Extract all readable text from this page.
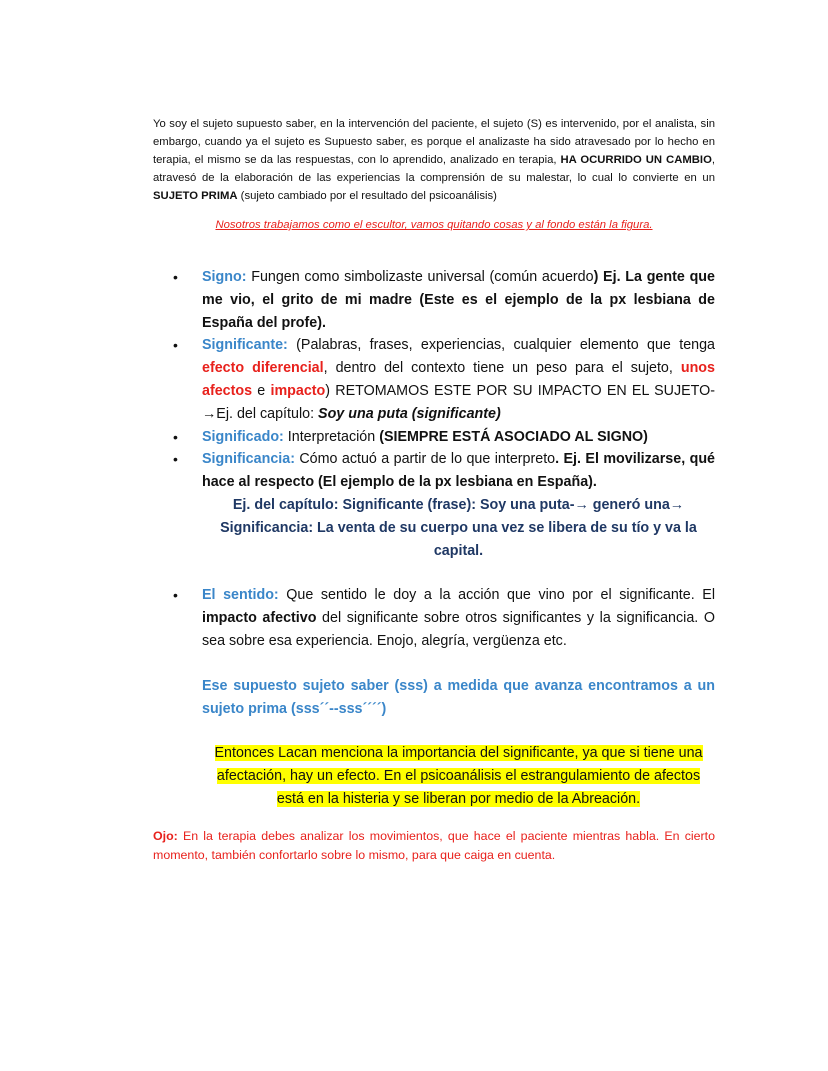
Yo soy el sujeto supuesto saber, en la intervención del paciente, el sujeto (S) es intervenido, por el analista, sin embargo, cuando ya el sujeto es Supuesto saber, es porque el analizaste ha sido atravesado por lo hecho en terapia, el mismo se da las respuestas, con lo aprendido, analizado en terapia, HA OCURRIDO UN CAMBIO, atravesó de la elaboración de las experiencias la comprensión de su malestar, lo cual lo convierte en un SUJETO PRIMA (sujeto cambiado por el resultado del psicoanálisis)

Nosotros trabajamos como el escultor, vamos quitando cosas y al fondo están la figura.

• Signo: Fungen como simbolizaste universal (común acuerdo) Ej. La gente que me vio, el grito de mi madre (Este es el ejemplo de la px lesbiana de España del profe).
• Significante: (Palabras, frases, experiencias, cualquier elemento que tenga efecto diferencial, dentro del contexto tiene un peso para el sujeto, unos afectos e impacto) RETOMAMOS ESTE POR SU IMPACTO EN EL SUJETO-→Ej. del capítulo: Soy una puta (significante)
• Significado: Interpretación (SIEMPRE ESTÁ ASOCIADO AL SIGNO)
• Significancia: Cómo actuó a partir de lo que interpreto. Ej. El movilizarse, qué hace al respecto (El ejemplo de la px lesbiana en España).
Ej. del capítulo: Significante (frase): Soy una puta-→ generó una→
Significancia: La venta de su cuerpo una vez se libera de su tío y va la capital.
• El sentido: Que sentido le doy a la acción que vino por el significante. El impacto afectivo del significante sobre otros significantes y la significancia. O sea sobre esa experiencia. Enojo, alegría, vergüenza etc.
Ese supuesto sujeto saber (sss) a medida que avanza encontramos a un sujeto prima (sss´´--sss´´´´)
Entonces Lacan menciona la importancia del significante, ya que si tiene una afectación, hay un efecto. En el psicoanálisis el estrangulamiento de afectos está en la histeria y se liberan por medio de la Abreación.

Ojo: En la terapia debes analizar los movimientos, que hace el paciente mientras habla. En cierto momento, también confortarlo sobre lo mismo, para que caiga en cuenta.
